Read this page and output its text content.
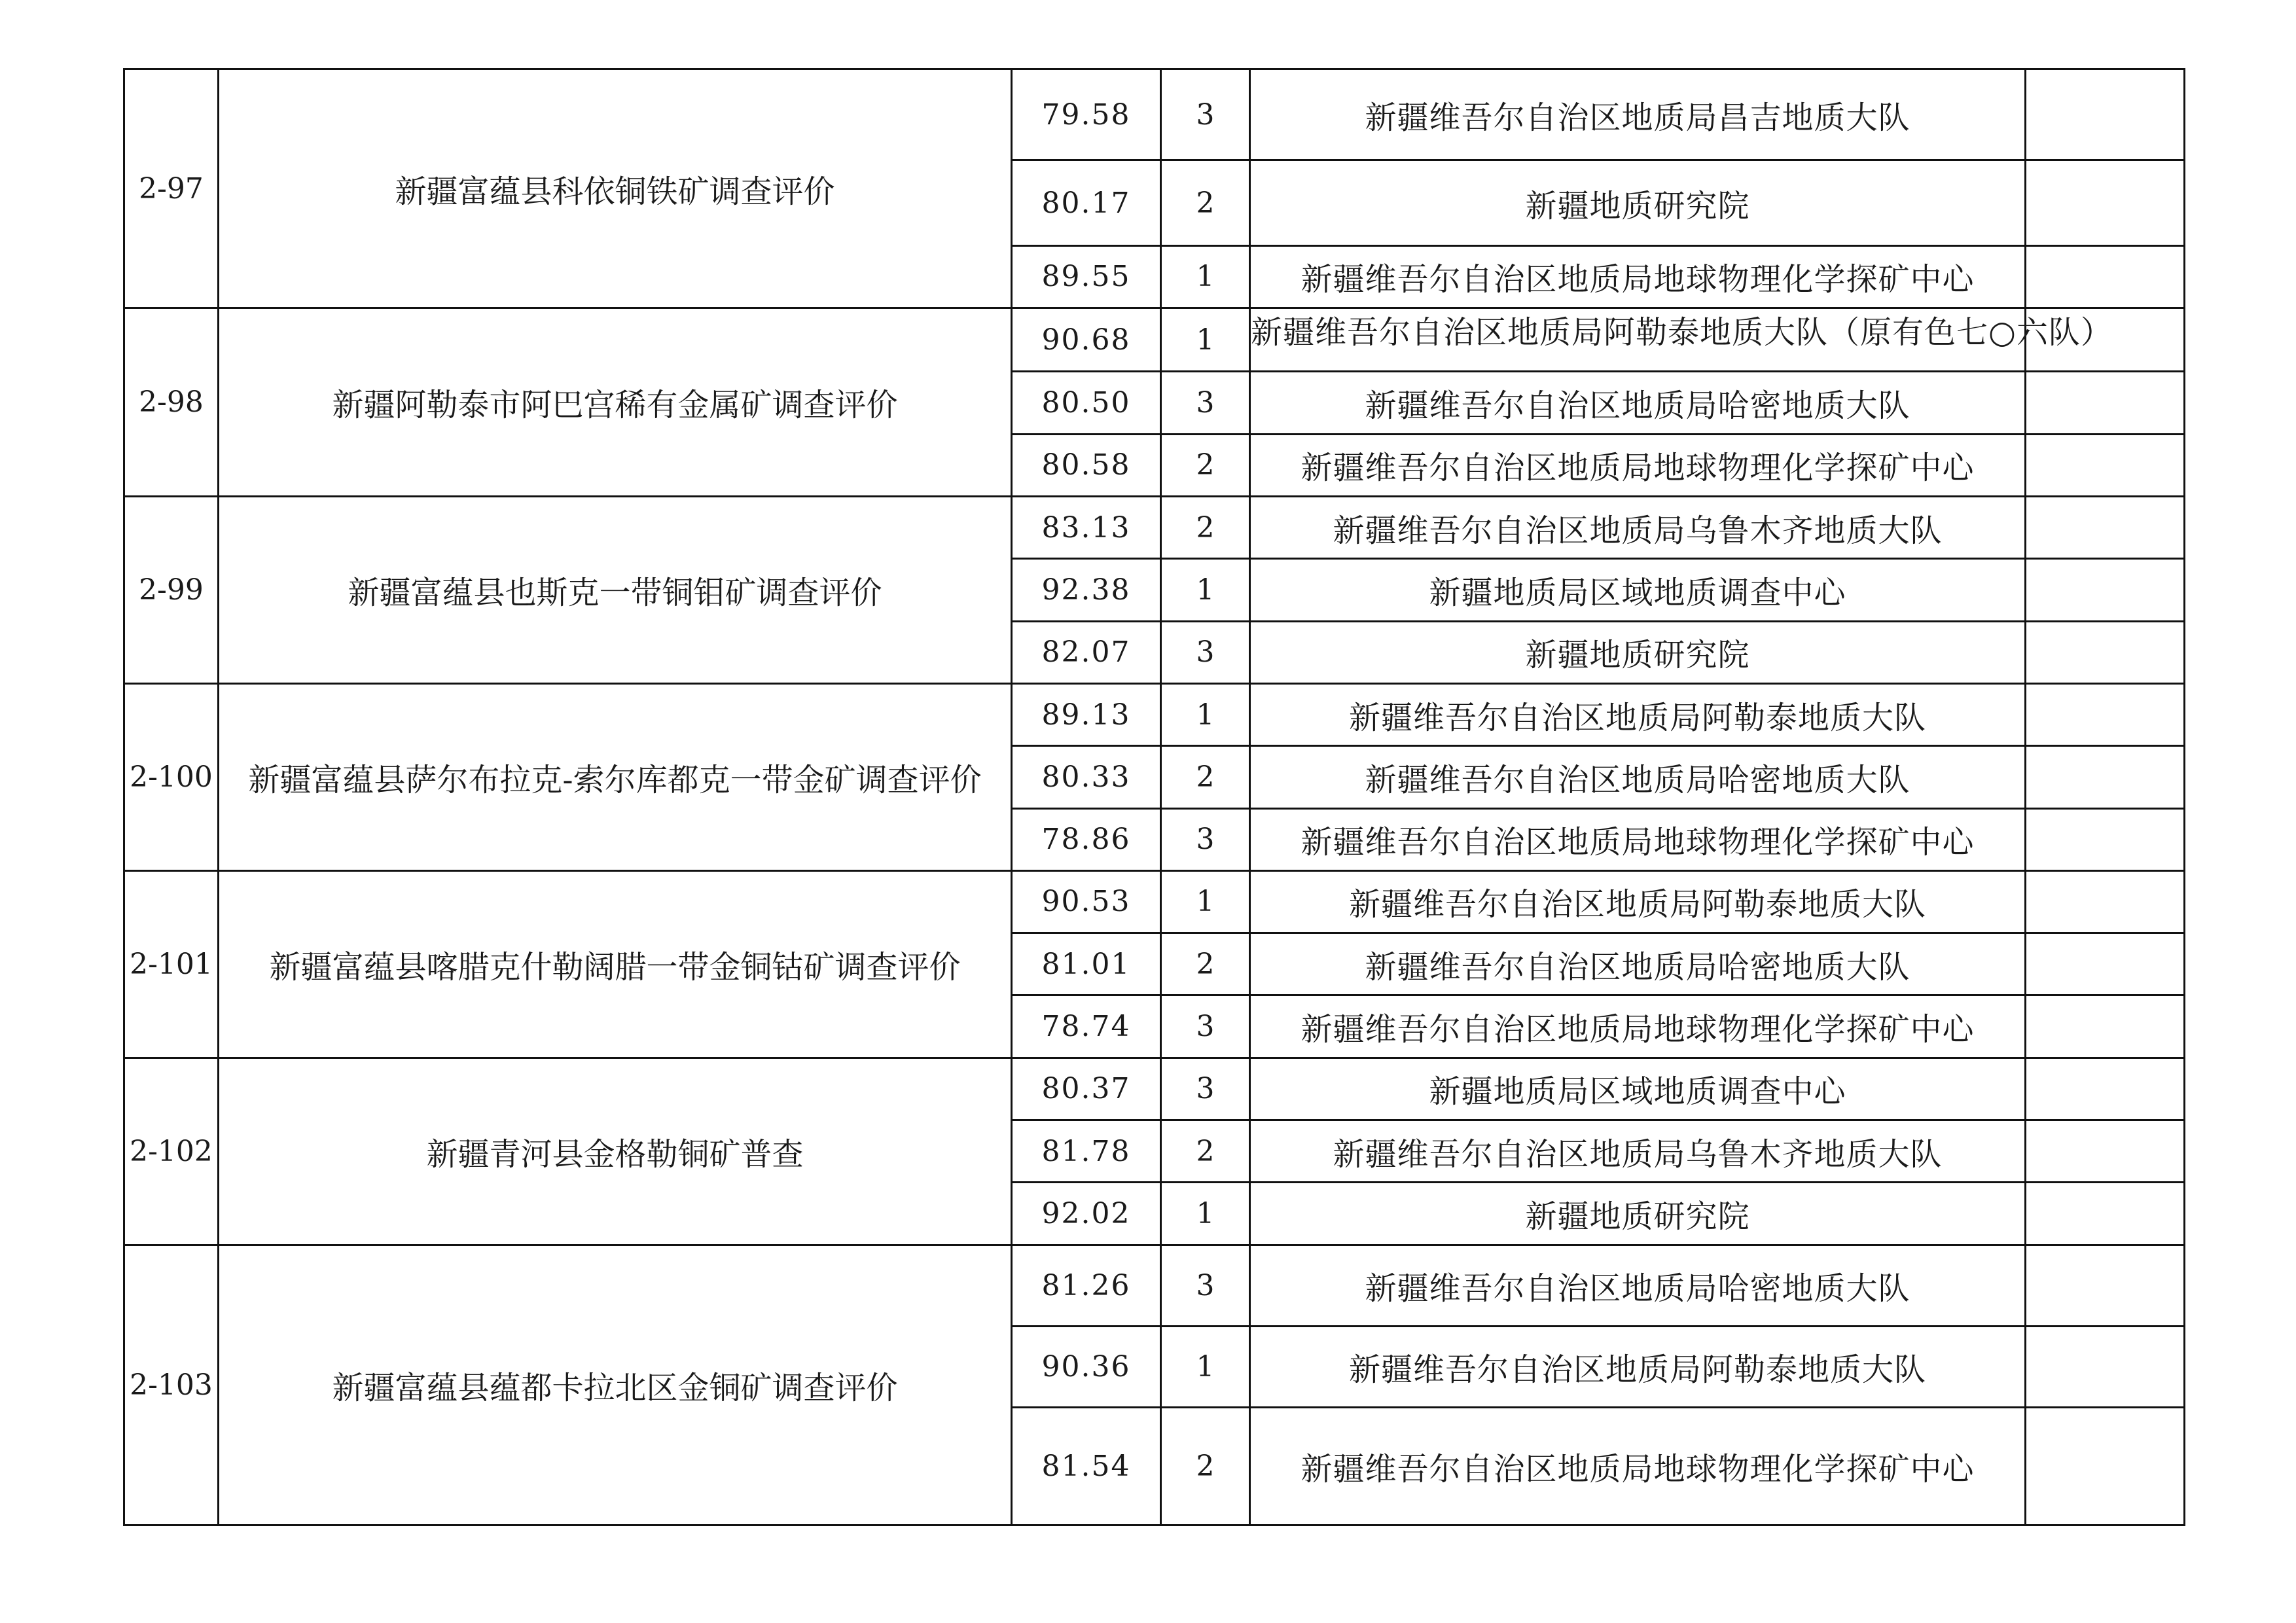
2-97	新疆富蕴县科依铜铁矿调查评价	79.58	3	新疆维吾尔自治区地质局昌吉地质大队	
		80.17	2	新疆地质研究院	
		89.55	1	新疆维吾尔自治区地质局地球物理化学探矿中心	
2-98	新疆阿勒泰市阿巴宫稀有金属矿调查评价	90.68	1	新疆维吾尔自治区地质局阿勒泰地质大队（原有色七○六队）	

		80.50	3	新疆维吾尔自治区地质局哈密地质大队	
		80.58	2	新疆维吾尔自治区地质局地球物理化学探矿中心	
2-99	新疆富蕴县也斯克一带铜钼矿调查评价	83.13	2	新疆维吾尔自治区地质局乌鲁木齐地质大队	
		92.38	1	新疆地质局区域地质调查中心	
		82.07	3	新疆地质研究院	
2-100	新疆富蕴县萨尔布拉克-索尔库都克一带金矿调查评价	89.13	1	新疆维吾尔自治区地质局阿勒泰地质大队	
		80.33	2	新疆维吾尔自治区地质局哈密地质大队	
		78.86	3	新疆维吾尔自治区地质局地球物理化学探矿中心	
2-101	新疆富蕴县喀腊克什勒阔腊一带金铜钴矿调查评价	90.53	1	新疆维吾尔自治区地质局阿勒泰地质大队	
		81.01	2	新疆维吾尔自治区地质局哈密地质大队	
		78.74	3	新疆维吾尔自治区地质局地球物理化学探矿中心	
2-102	新疆青河县金格勒铜矿普查	80.37	3	新疆地质局区域地质调查中心	
		81.78	2	新疆维吾尔自治区地质局乌鲁木齐地质大队	
		92.02	1	新疆地质研究院	
2-103	新疆富蕴县蕴都卡拉北区金铜矿调查评价	81.26	3	新疆维吾尔自治区地质局哈密地质大队	
		90.36	1	新疆维吾尔自治区地质局阿勒泰地质大队	
		81.54	2	新疆维吾尔自治区地质局地球物理化学探矿中心	
